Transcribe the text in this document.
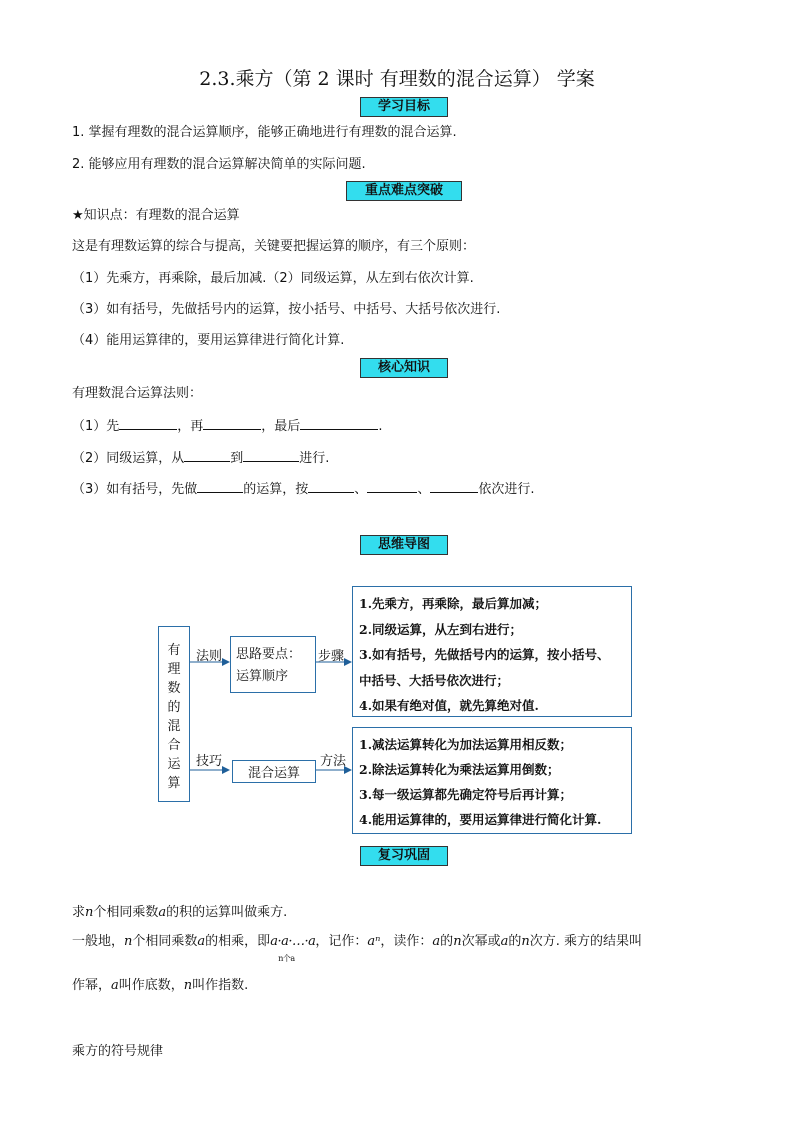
2.3.乘方（第 2 课时 有理数的混合运算） 学案
学习目标
1. 掌握有理数的混合运算顺序，能够正确地进行有理数的混合运算.
2. 能够应用有理数的混合运算解决简单的实际问题.
重点难点突破
★知识点：有理数的混合运算
这是有理数运算的综合与提高，关键要把握运算的顺序，有三个原则：
（1）先乘方，再乘除，最后加减.（2）同级运算，从左到右依次计算.
（3）如有括号，先做括号内的运算，按小括号、中括号、大括号依次进行.
（4）能用运算律的，要用运算律进行简化计算.
核心知识
有理数混合运算法则：
（1）先	，再	，最后	.
（2）同级运算，从	到	进行.
（3）如有括号，先做	的运算，按	、	、	依次进行.
思维导图
有
理
数
的
混
合
运
算
法则
技巧
步骤
方法
思路要点：
运算顺序
混合运算
1.先乘方，再乘除，最后算加减；
2.同级运算，从左到右进行；
3.如有括号，先做括号内的运算，按小括号、
中括号、大括号依次进行；
4.如果有绝对值，就先算绝对值.
1.减法运算转化为加法运算用相反数；
2.除法运算转化为乘法运算用倒数；
3.每一级运算都先确定符号后再计算；
4.能用运算律的，要用运算律进行简化计算.
复习巩固
求n个相同乘数a的积的运算叫做乘方.
一般地，n个相同乘数a的相乘，即a·a·…·a
n个a
，记作：aⁿ，读作：a的n次幂或a的n次方. 乘方的结果叫
作幂，a叫作底数，n叫作指数.
乘方的符号规律
